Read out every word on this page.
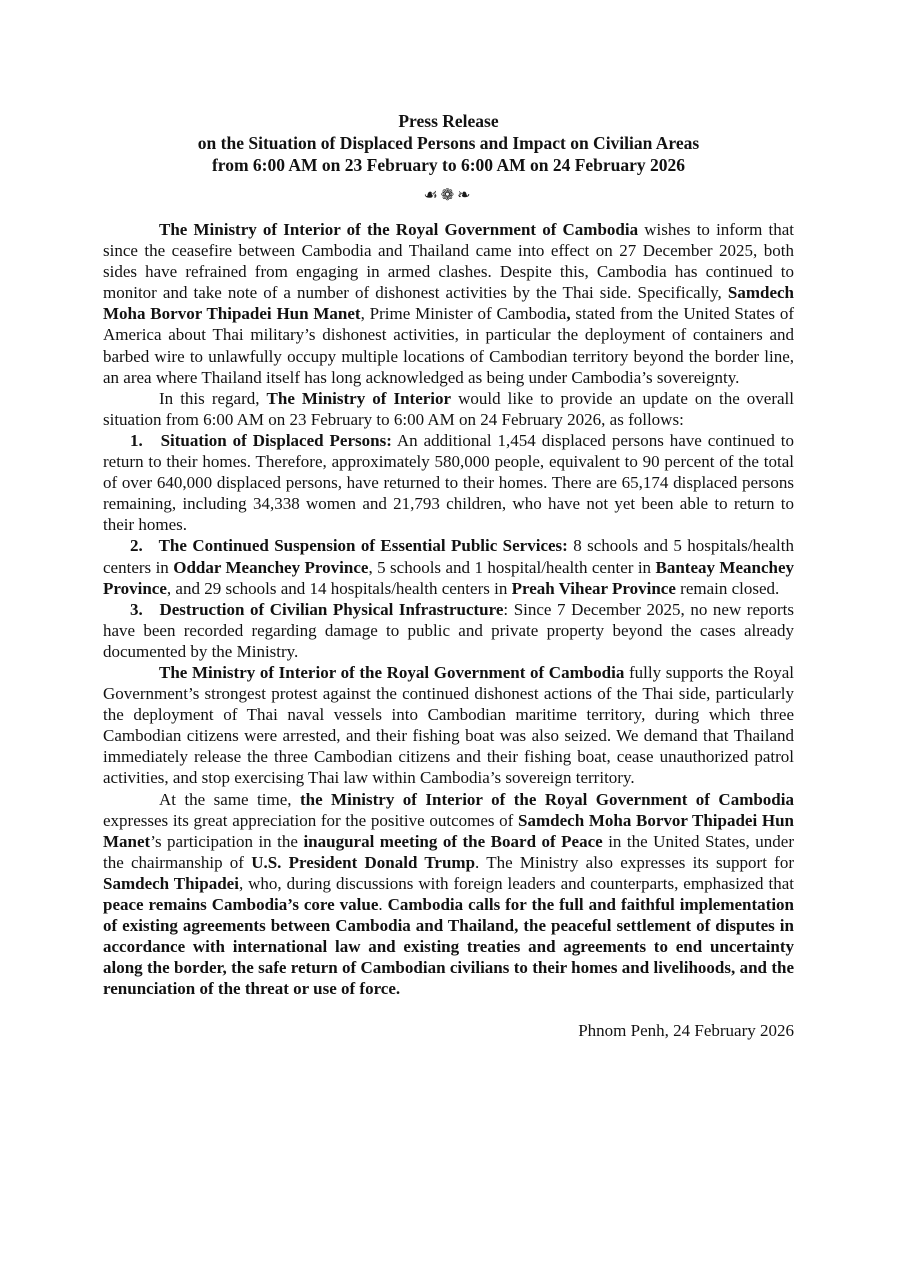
Press Release
on the Situation of Displaced Persons and Impact on Civilian Areas
from 6:00 AM on 23 February to 6:00 AM on 24 February 2026
☙❁❧

The Ministry of Interior of the Royal Government of Cambodia wishes to inform that since the ceasefire between Cambodia and Thailand came into effect on 27 December 2025, both sides have refrained from engaging in armed clashes. Despite this, Cambodia has continued to monitor and take note of a number of dishonest activities by the Thai side. Specifically, Samdech Moha Borvor Thipadei Hun Manet, Prime Minister of Cambodia, stated from the United States of America about Thai military’s dishonest activities, in particular the deployment of containers and barbed wire to unlawfully occupy multiple locations of Cambodian territory beyond the border line, an area where Thailand itself has long acknowledged as being under Cambodia’s sovereignty.

In this regard, The Ministry of Interior would like to provide an update on the overall situation from 6:00 AM on 23 February to 6:00 AM on 24 February 2026, as follows:

1.   Situation of Displaced Persons: An additional 1,454 displaced persons have continued to return to their homes. Therefore, approximately 580,000 people, equivalent to 90 percent of the total of over 640,000 displaced persons, have returned to their homes. There are 65,174 displaced persons remaining, including 34,338 women and 21,793 children, who have not yet been able to return to their homes.

2.   The Continued Suspension of Essential Public Services: 8 schools and 5 hospitals/health centers in Oddar Meanchey Province, 5 schools and 1 hospital/health center in Banteay Meanchey Province, and 29 schools and 14 hospitals/health centers in Preah Vihear Province remain closed.

3.   Destruction of Civilian Physical Infrastructure: Since 7 December 2025, no new reports have been recorded regarding damage to public and private property beyond the cases already documented by the Ministry.

The Ministry of Interior of the Royal Government of Cambodia fully supports the Royal Government’s strongest protest against the continued dishonest actions of the Thai side, particularly the deployment of Thai naval vessels into Cambodian maritime territory, during which three Cambodian citizens were arrested, and their fishing boat was also seized. We demand that Thailand immediately release the three Cambodian citizens and their fishing boat, cease unauthorized patrol activities, and stop exercising Thai law within Cambodia’s sovereign territory.

At the same time, the Ministry of Interior of the Royal Government of Cambodia expresses its great appreciation for the positive outcomes of Samdech Moha Borvor Thipadei Hun Manet’s participation in the inaugural meeting of the Board of Peace in the United States, under the chairmanship of U.S. President Donald Trump. The Ministry also expresses its support for Samdech Thipadei, who, during discussions with foreign leaders and counterparts, emphasized that peace remains Cambodia’s core value. Cambodia calls for the full and faithful implementation of existing agreements between Cambodia and Thailand, the peaceful settlement of disputes in accordance with international law and existing treaties and agreements to end uncertainty along the border, the safe return of Cambodian civilians to their homes and livelihoods, and the renunciation of the threat or use of force.

Phnom Penh, 24 February 2026
